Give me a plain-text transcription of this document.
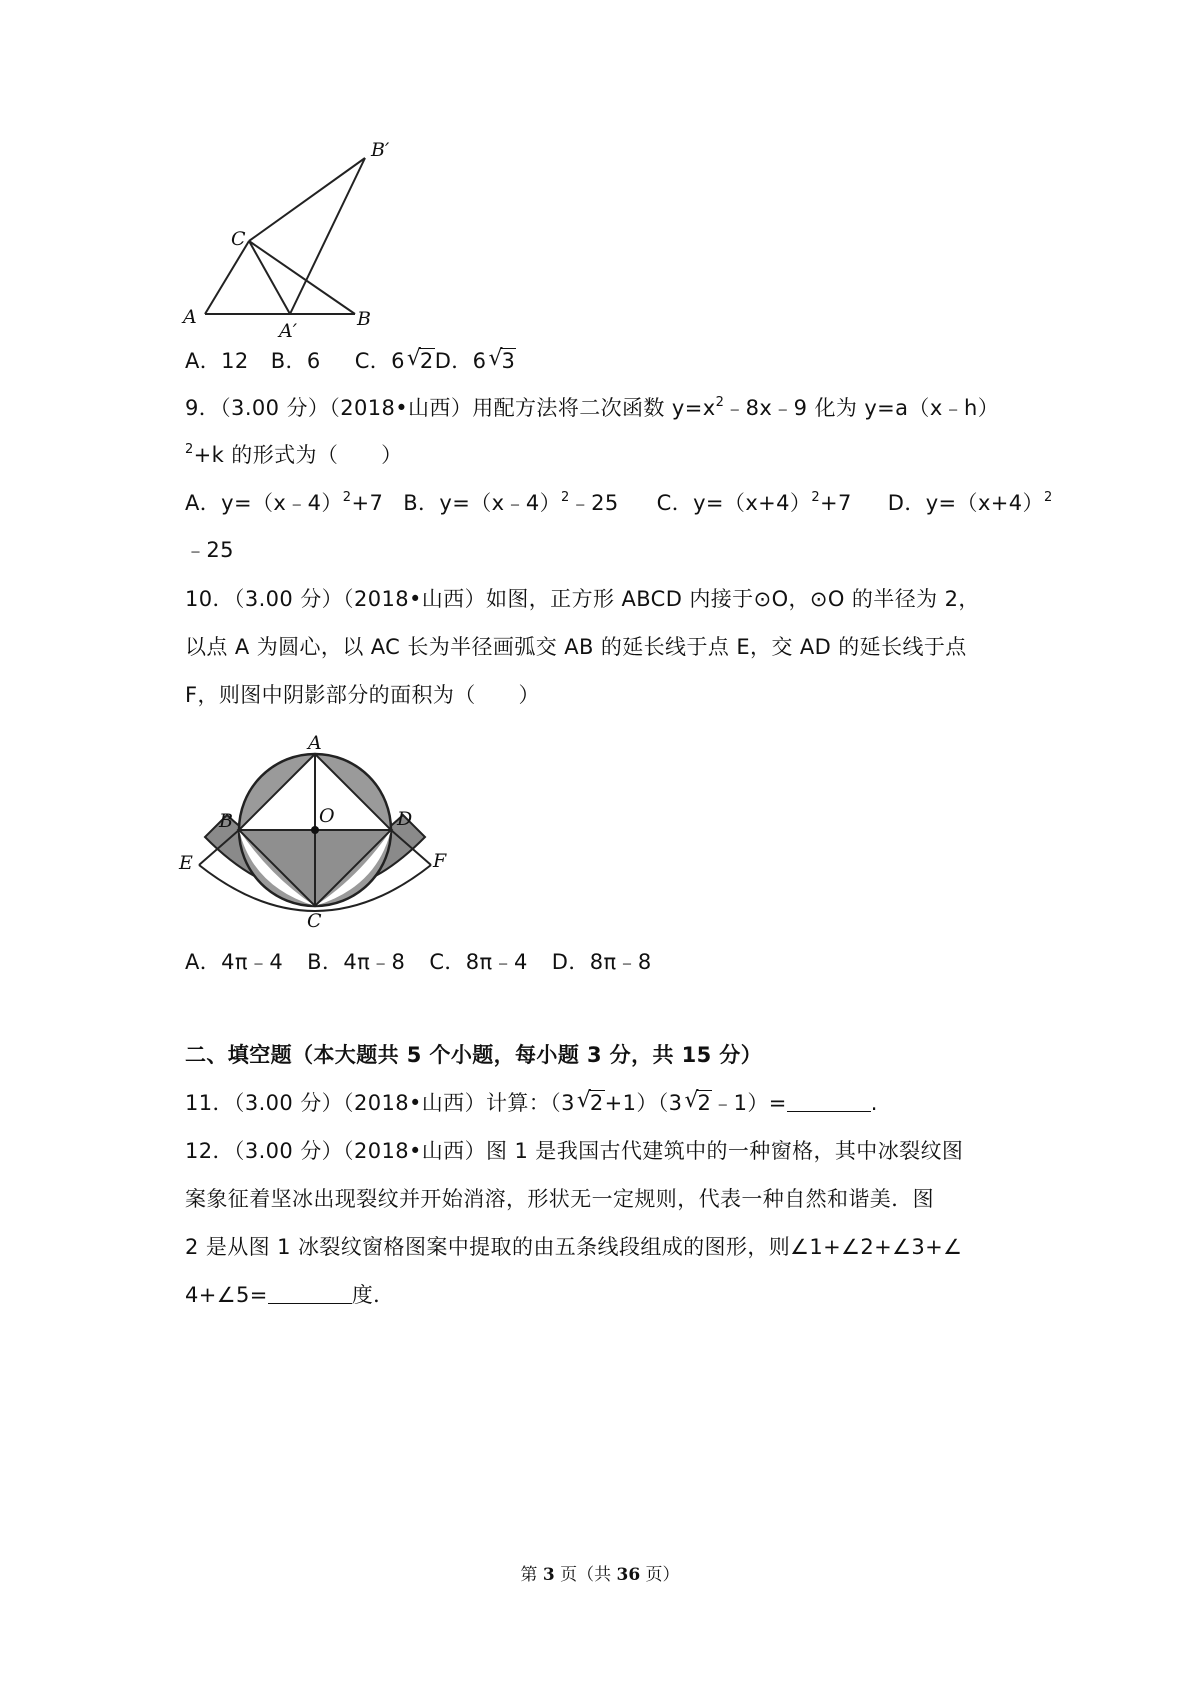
A
A′
B
C
B′
A．12 B．6 C．6 √ 2D．6 √ 3
9．（3.00 分）（2018•山西）用配方法将二次函数 $y=x^2﹣8x﹣9$ 化为 y=a（x﹣h）
$^2$+k 的形式为（　　）
A．y=（x﹣4）$^2$+7 B．y=（x﹣4）$^2$﹣25 C．$y=(x+4)^2+7$ D．$y=(x+4)^2$
﹣25
10．（3.00 分）（2018•山西）如图，正方形 ABCD 内接于⊙O，⊙O 的半径为 2，
以点 A 为圆心，以 AC 长为半径画弧交 AB 的延长线于点 E，交 AD 的延长线于点
F，则图中阴影部分的面积为（　　）
A
B	O	D
E	F
C
A．4π﹣4 B．4π﹣8 C．8π﹣4 D．8π﹣8
二、填空题（本大题共 5 个小题，每小题 3 分，共 15 分）
11．（3.00 分）（2018•山西）计算：（3 √ 2+1）（3 √ 2﹣1）=	.
12．（3.00 分）（2018•山西）图 1 是我国古代建筑中的一种窗格，其中冰裂纹图
案象征着坚冰出现裂纹并开始消溶，形状无一定规则，代表一种自然和谐美．图
2 是从图 1 冰裂纹窗格图案中提取的由五条线段组成的图形，则∠1+∠2+∠3+∠
4+∠5=	度．
第 3 页（共 36 页）
